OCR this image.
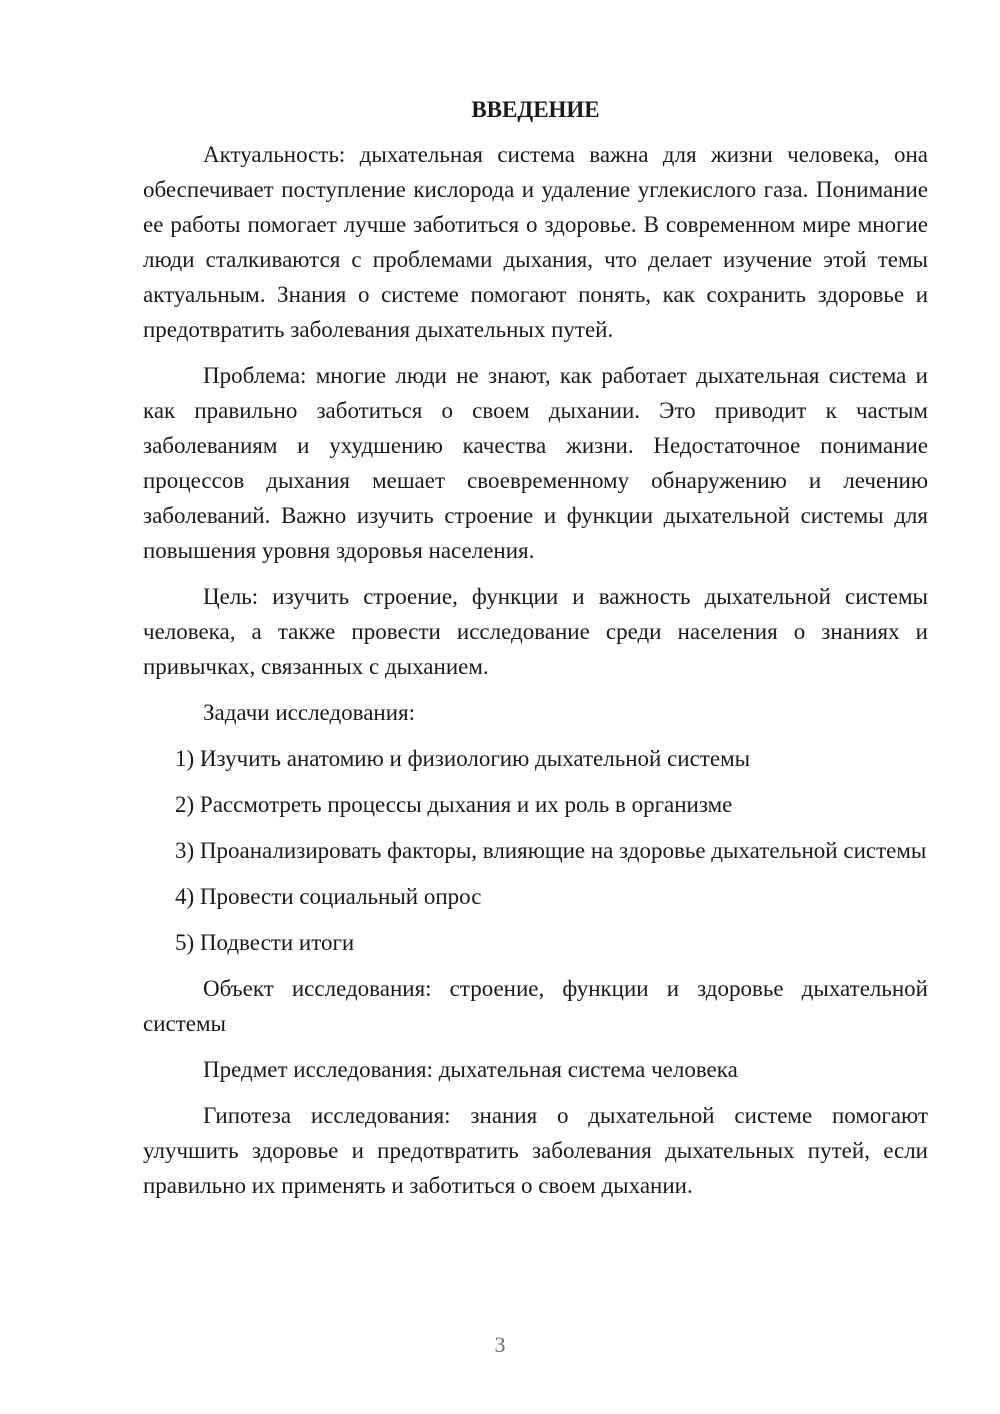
ВВЕДЕНИЕ

Актуальность: дыхательная система важна для жизни человека, она обеспечивает поступление кислорода и удаление углекислого газа. Понимание ее работы помогает лучше заботиться о здоровье. В современном мире многие люди сталкиваются с проблемами дыхания, что делает изучение этой темы актуальным. Знания о системе помогают понять, как сохранить здоровье и предотвратить заболевания дыхательных путей.

Проблема: многие люди не знают, как работает дыхательная система и как правильно заботиться о своем дыхании. Это приводит к частым заболеваниям и ухудшению качества жизни. Недостаточное понимание процессов дыхания мешает своевременному обнаружению и лечению заболеваний. Важно изучить строение и функции дыхательной системы для повышения уровня здоровья населения.

Цель: изучить строение, функции и важность дыхательной системы человека, а также провести исследование среди населения о знаниях и привычках, связанных с дыханием.

Задачи исследования:

1) Изучить анатомию и физиологию дыхательной системы

2) Рассмотреть процессы дыхания и их роль в организме

3) Проанализировать факторы, влияющие на здоровье дыхательной системы

4) Провести социальный опрос

5) Подвести итоги

Объект исследования: строение, функции и здоровье дыхательной системы

Предмет исследования: дыхательная система человека

Гипотеза исследования: знания о дыхательной системе помогают улучшить здоровье и предотвратить заболевания дыхательных путей, если правильно их применять и заботиться о своем дыхании.

3
